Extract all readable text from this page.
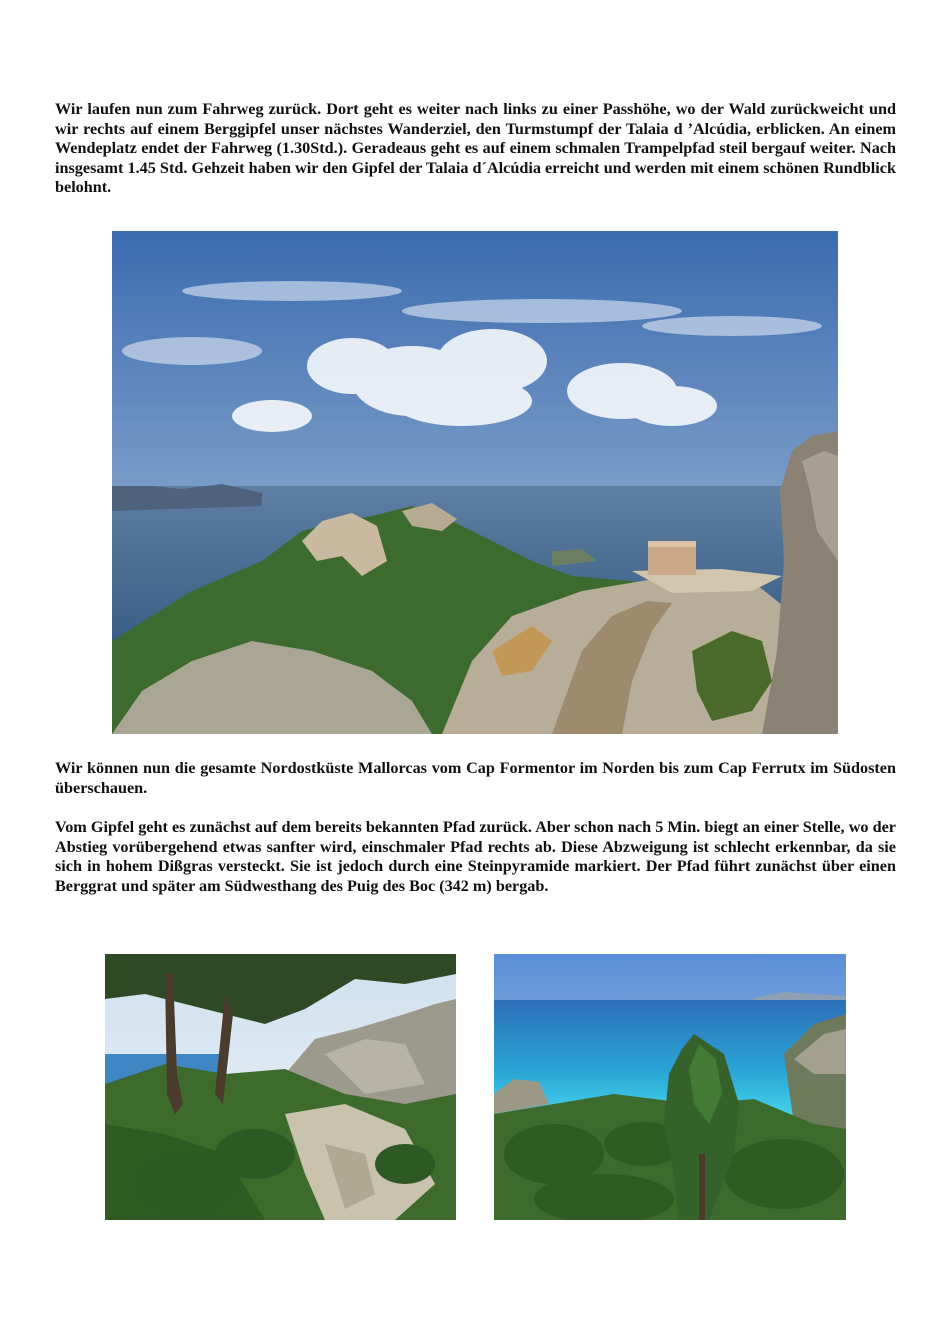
Wir laufen nun zum Fahrweg zurück. Dort geht es weiter nach links zu einer Passhöhe, wo der Wald zurückweicht und wir rechts auf einem Berggipfel unser nächstes Wanderziel, den Turmstumpf der Talaia d ’Alcúdia, erblicken. An einem Wendeplatz endet der Fahrweg (1.30Std.). Geradeaus geht es auf einem schmalen Trampelpfad steil bergauf weiter. Nach insgesamt 1.45 Std. Gehzeit haben wir den Gipfel der Talaia d´Alcúdia erreicht und werden mit einem schönen Rundblick belohnt.

Wir können nun die gesamte Nordostküste Mallorcas vom Cap Formentor im Norden bis zum Cap Ferrutx im Südosten überschauen.

Vom Gipfel geht es zunächst auf dem bereits bekannten Pfad zurück. Aber schon nach 5 Min. biegt an einer Stelle, wo der Abstieg vorübergehend etwas sanfter wird, einschmaler Pfad rechts ab. Diese Abzweigung ist schlecht erkennbar, da sie sich in hohem Dißgras versteckt. Sie ist jedoch durch eine Steinpyramide markiert. Der Pfad führt zunächst über einen Berggrat und später am Südwesthang des Puig des Boc (342 m) bergab.
